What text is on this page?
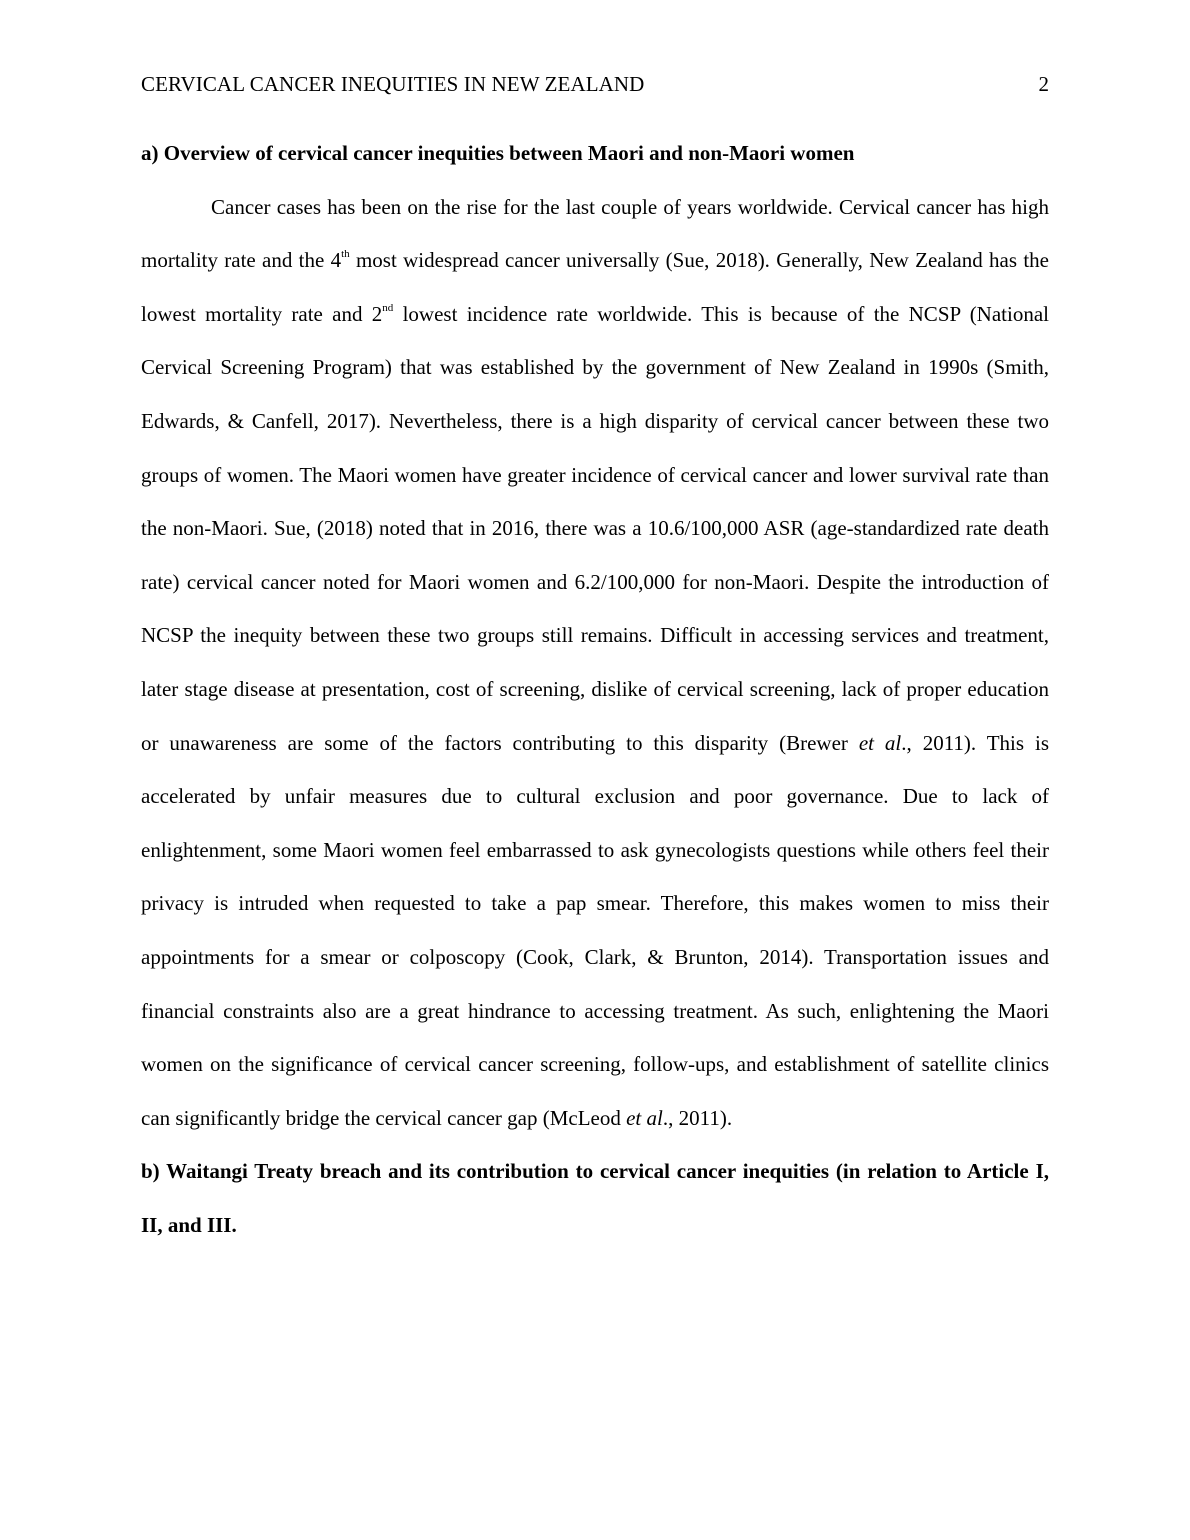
CERVICAL CANCER INEQUITIES IN NEW ZEALAND	2

a) Overview of cervical cancer inequities between Maori and non-Maori women

Cancer cases has been on the rise for the last couple of years worldwide. Cervical cancer has high mortality rate and the 4th most widespread cancer universally (Sue, 2018). Generally, New Zealand has the lowest mortality rate and 2nd lowest incidence rate worldwide. This is because of the NCSP (National Cervical Screening Program) that was established by the government of New Zealand in 1990s (Smith, Edwards, & Canfell, 2017). Nevertheless, there is a high disparity of cervical cancer between these two groups of women. The Maori women have greater incidence of cervical cancer and lower survival rate than the non-Maori. Sue, (2018) noted that in 2016, there was a 10.6/100,000 ASR (age-standardized rate death rate) cervical cancer noted for Maori women and 6.2/100,000 for non-Maori. Despite the introduction of NCSP the inequity between these two groups still remains. Difficult in accessing services and treatment, later stage disease at presentation, cost of screening, dislike of cervical screening, lack of proper education or unawareness are some of the factors contributing to this disparity (Brewer et al., 2011). This is accelerated by unfair measures due to cultural exclusion and poor governance. Due to lack of enlightenment, some Maori women feel embarrassed to ask gynecologists questions while others feel their privacy is intruded when requested to take a pap smear. Therefore, this makes women to miss their appointments for a smear or colposcopy (Cook, Clark, & Brunton, 2014). Transportation issues and financial constraints also are a great hindrance to accessing treatment. As such, enlightening the Maori women on the significance of cervical cancer screening, follow-ups, and establishment of satellite clinics can significantly bridge the cervical cancer gap (McLeod et al., 2011).

b) Waitangi Treaty breach and its contribution to cervical cancer inequities (in relation to Article I, II, and III.
